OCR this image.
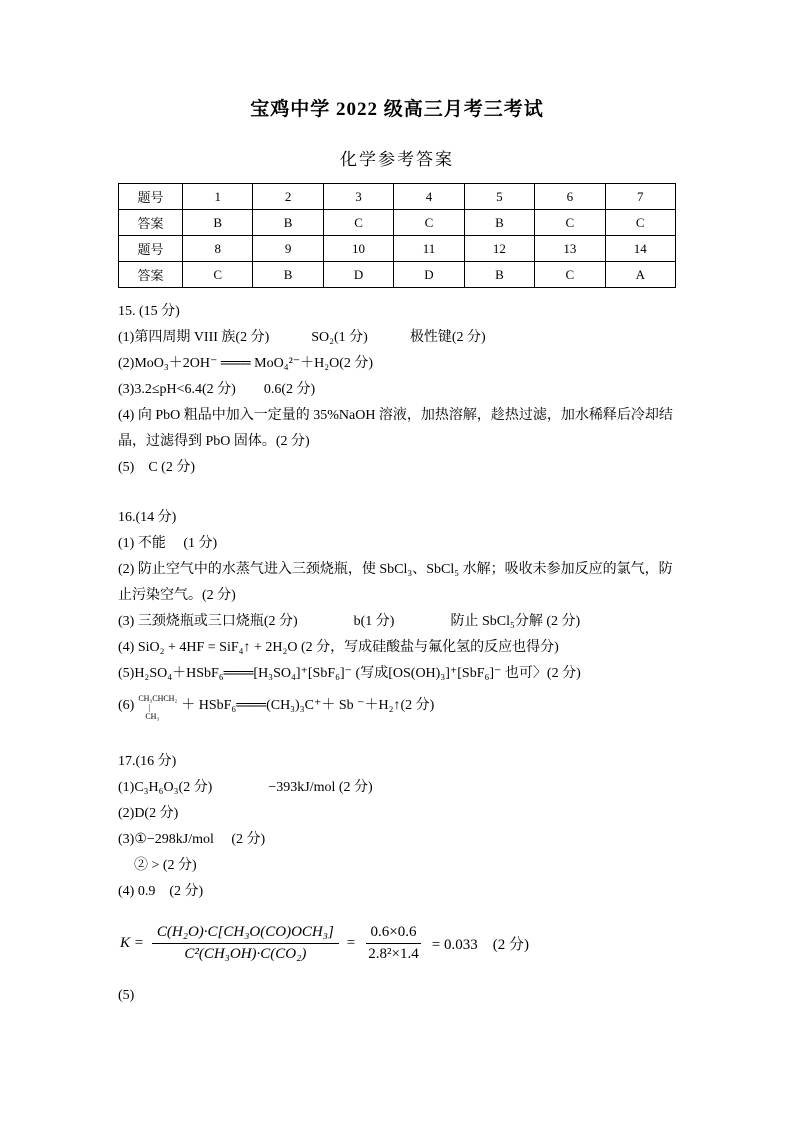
宝鸡中学 2022 级高三月考三考试
化学参考答案
题号	1	2	3	4	5	6	7
答案	B	B	C	C	B	C	C
题号	8	9	10	11	12	13	14
答案	C	B	D	D	B	C	A

15. (15 分)

(1)第四周期 VIII 族(2 分)　　　SO₂(1 分)　　　极性键(2 分)

(2)MoO₃＋2OH⁻ ═══ MoO₄²⁻＋H₂O(2 分)

(3)3.2≤pH<6.4(2 分)　　0.6(2 分)

(4) 向 PbO 粗品中加入一定量的 35%NaOH 溶液，加热溶解，趁热过滤，加水稀释后冷却结晶，过滤得到 PbO 固体。(2 分)

(5)　C (2 分)

16.(14 分)

(1) 不能　 (1 分)

(2) 防止空气中的水蒸气进入三颈烧瓶，使 SbCl₃、SbCl₅ 水解；吸收未参加反应的氯气，防止污染空气。(2 分)

(3) 三颈烧瓶或三口烧瓶(2 分)　　　　b(1 分)　　　　防止 SbCl₅分解 (2 分)

(4) SiO₂ + 4HF = SiF₄↑ + 2H₂O (2 分，写成硅酸盐与氟化氢的反应也得分)

(5)H₂SO₄＋HSbF₆═══[H₃SO₄]⁺[SbF₆]⁻ (写成[OS(OH)₃]⁺[SbF₆]⁻ 也可〉(2 分)

(6) CH₃CHCH₂
|
CH₃
＋ HSbF₆═══(CH₃)₃C⁺＋ Sb ⁻＋H₂↑(2 分)

17.(16 分)

(1)C₃H₆O₃(2 分)　　　　−393kJ/mol (2 分)

(2)D(2 分)

(3)①−298kJ/mol　 (2 分)

② > (2 分)

(4) 0.9　(2 分)

$K = \frac{\text{C(H₂O)·C[CH₃O(CO)OCH₃]}}{\text{C²(CH₃OH)·C(CO₂)}} = \frac{0.6\times 0.6}{\text{2.8²×1.4}} = 0.033$　(2 分)

(5)
